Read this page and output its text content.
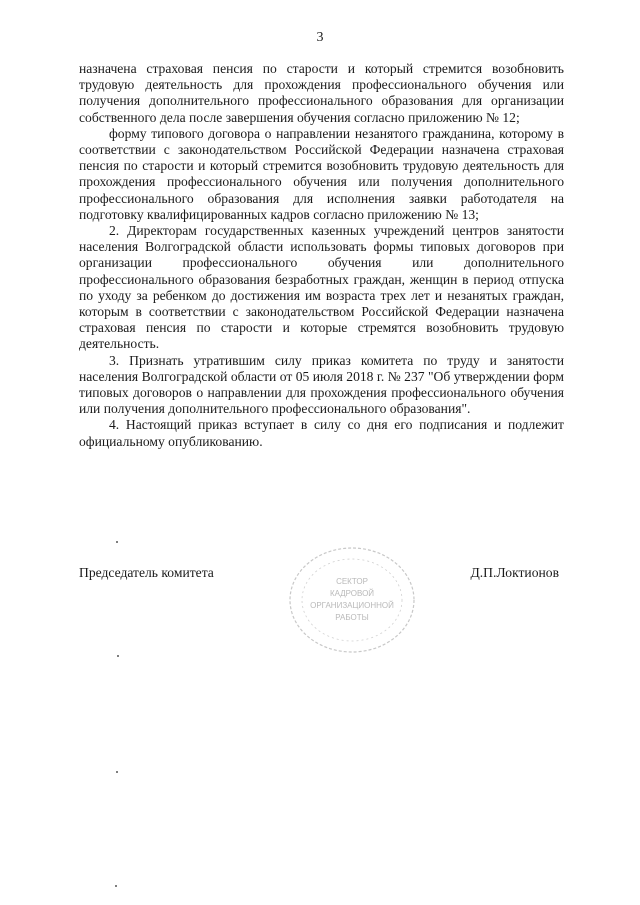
3

назначена страховая пенсия по старости и который стремится возобновить трудовую деятельность для прохождения профессионального обучения или получения дополнительного профессионального образования для организации собственного дела после завершения обучения согласно приложению № 12;

форму типового договора о направлении незанятого гражданина, которому в соответствии с законодательством Российской Федерации назначена страховая пенсия по старости и который стремится возобновить трудовую деятельность для прохождения профессионального обучения или получения дополнительного профессионального образования для исполнения заявки работодателя на подготовку квалифицированных кадров согласно приложению № 13;

2. Директорам государственных казенных учреждений центров занятости населения Волгоградской области использовать формы типовых договоров при организации профессионального обучения или дополнительного профессионального образования безработных граждан, женщин в период отпуска по уходу за ребенком до достижения им возраста трех лет и незанятых граждан, которым в соответствии с законодательством Российской Федерации назначена страховая пенсия по старости и которые стремятся возобновить трудовую деятельность.

3. Признать утратившим силу приказ комитета по труду и занятости населения Волгоградской области от 05 июля 2018 г. № 237 "Об утверждении форм типовых договоров о направлении для прохождения профессионального обучения или получения дополнительного профессионального образования".

4. Настоящий приказ вступает в силу со дня его подписания и подлежит официальному опубликованию.

Председатель комитета
СЕКТОР
КАДРОВОЙ
ОРГАНИЗАЦИОННОЙ
РАБОТЫ
Д.П.Локтионов
